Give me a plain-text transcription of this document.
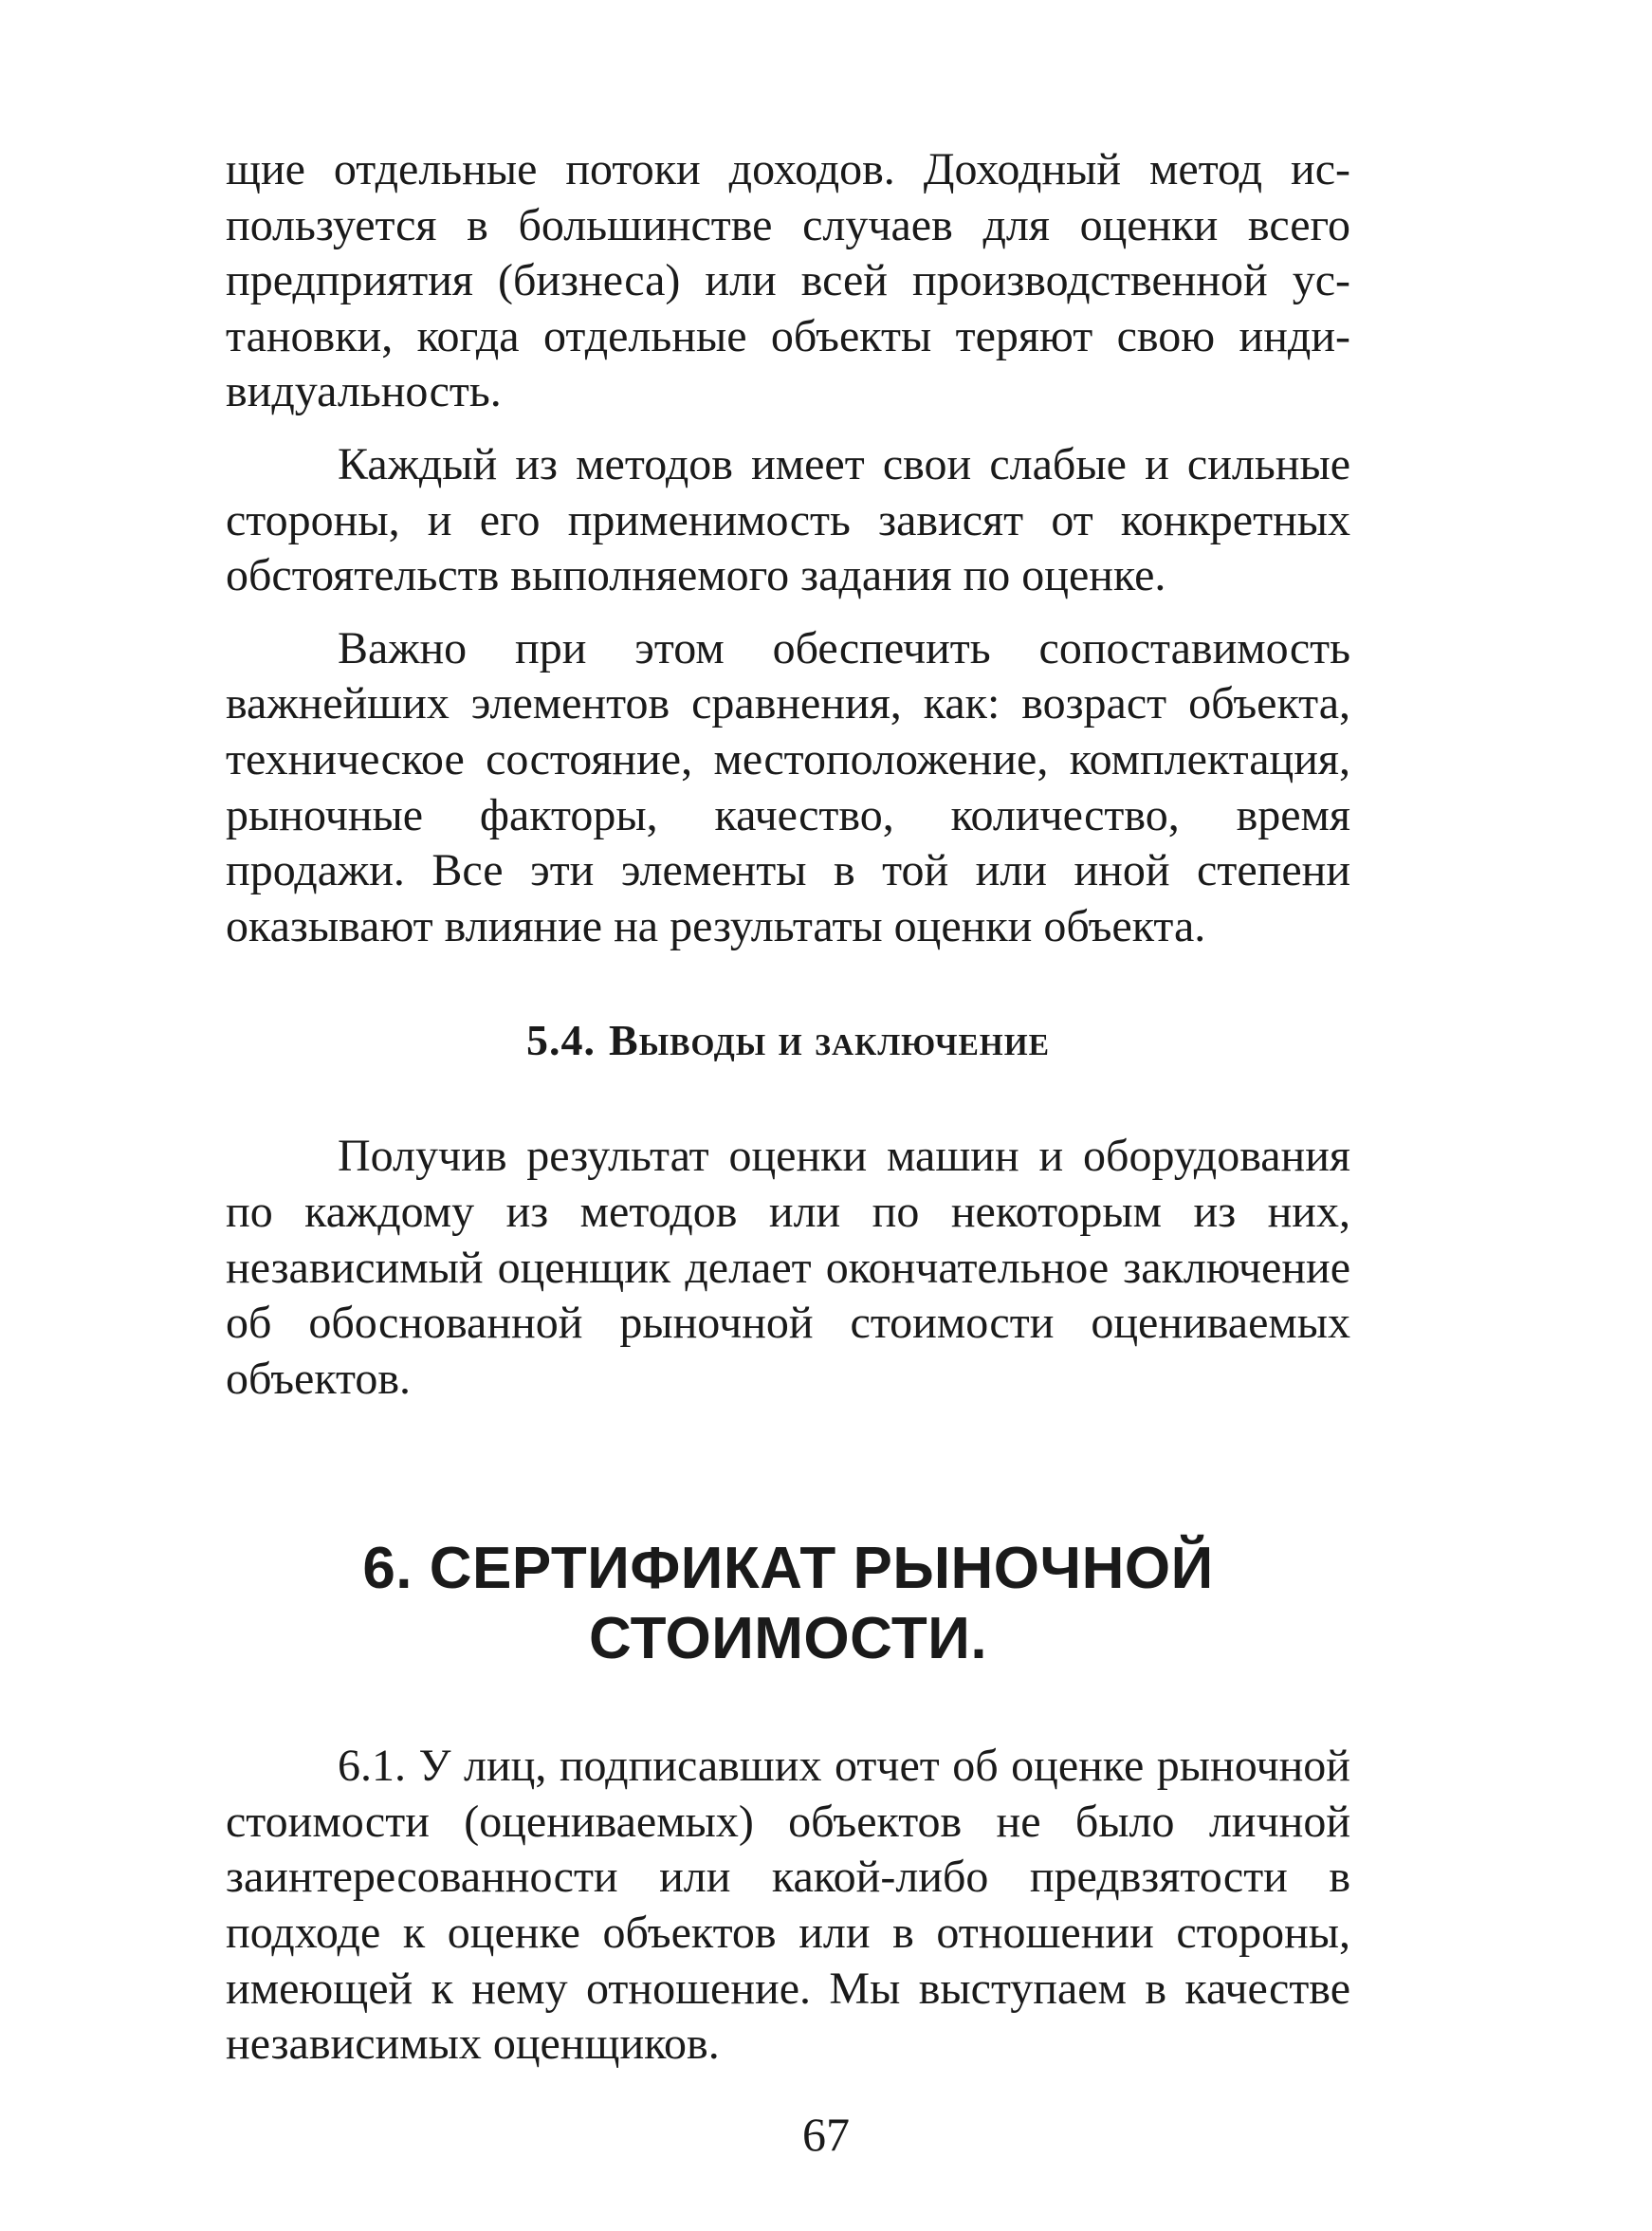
щие отдельные потоки доходов. Доходный метод используется в большинстве случаев для оценки всего предприятия (бизнеса) или всей производственной установки, когда отдельные объекты теряют свою индивидуальность.

Каждый из методов имеет свои слабые и сильные стороны, и его применимость зависят от конкретных обстоятельств выполняемого задания по оценке.

Важно при этом обеспечить сопоставимость важнейших элементов сравнения, как: возраст объекта, техническое состояние, местоположение, комплектация, рыночные факторы, качество, количество, время продажи. Все эти элементы в той или иной степени оказывают влияние на результаты оценки объекта.

5.4. Выводы и заключение

Получив результат оценки машин и оборудования по каждому из методов или по некоторым из них, независимый оценщик делает окончательное заключение об обоснованной рыночной стоимости оцениваемых объектов.

6. СЕРТИФИКАТ РЫНОЧНОЙ
СТОИМОСТИ.

6.1. У лиц, подписавших отчет об оценке рыночной стоимости (оцениваемых) объектов не было личной заинтересованности или какой-либо предвзятости в подходе к оценке объектов или в отношении стороны, имеющей к нему отношение. Мы выступаем в качестве независимых оценщиков.

67
